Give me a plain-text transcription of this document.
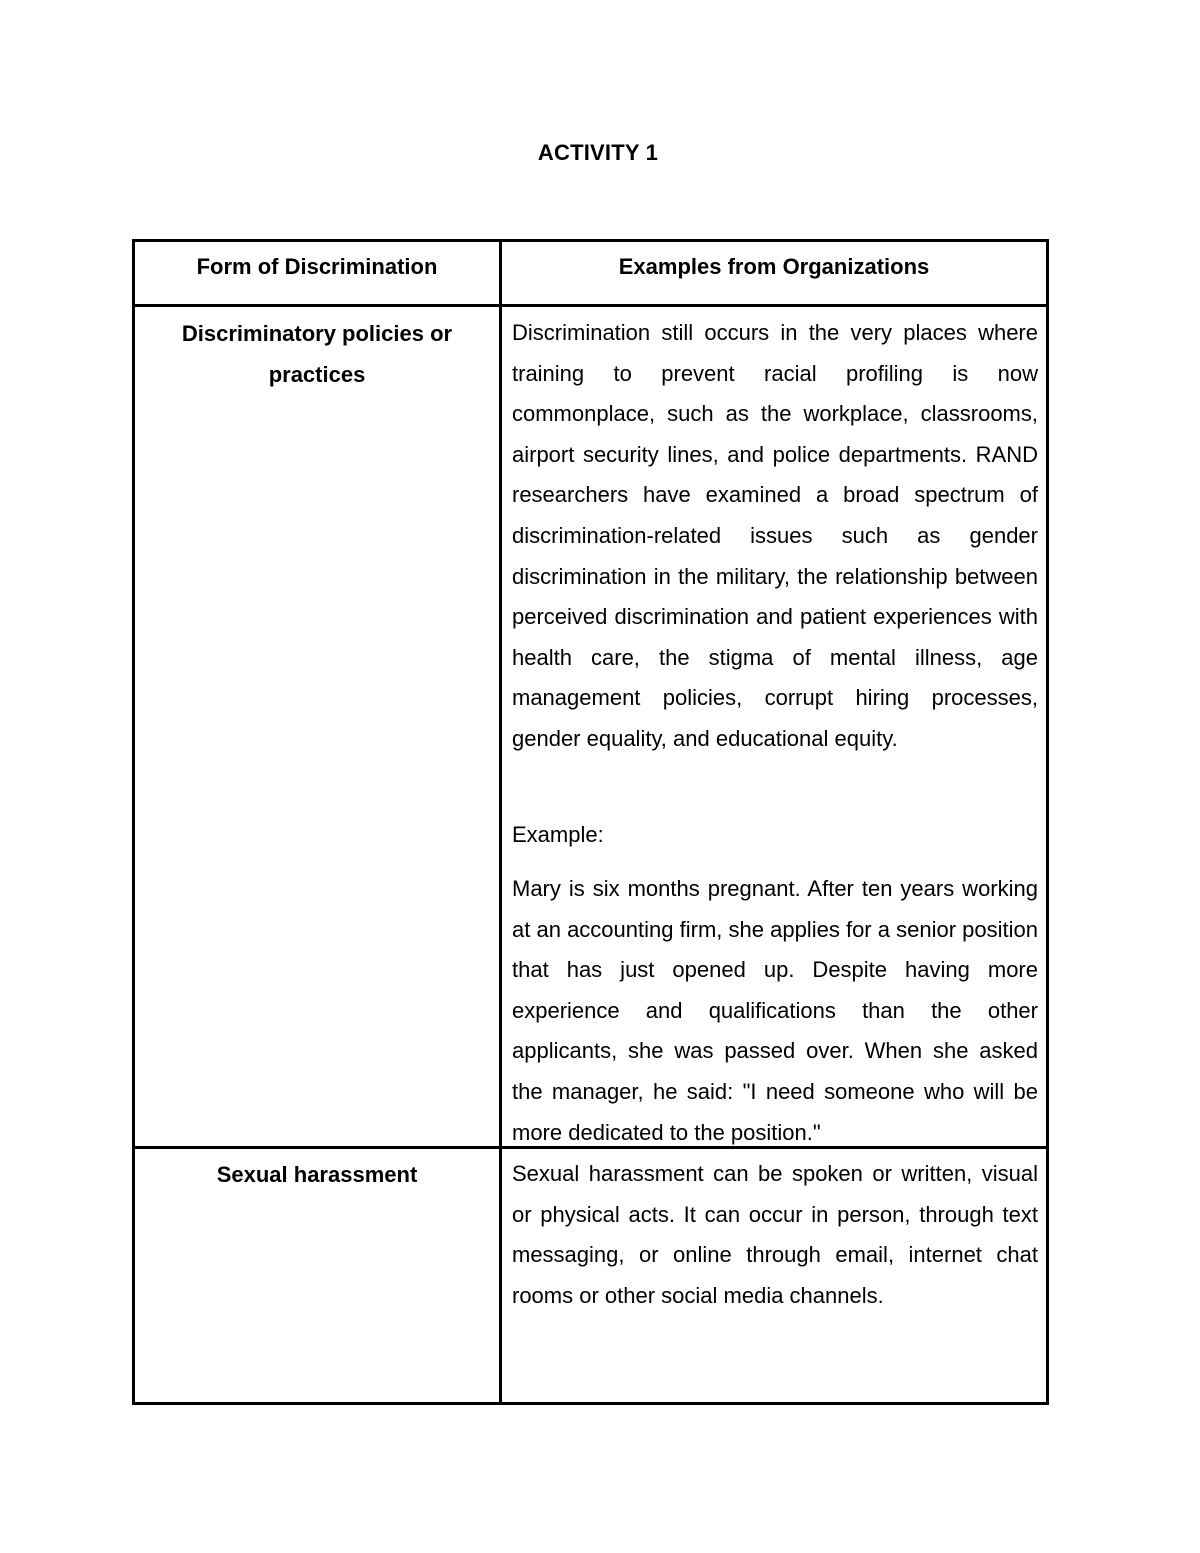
ACTIVITY 1
Form of Discrimination	Examples from Organizations
Discriminatory policies or practices

Discrimination still occurs in the very places where training to prevent racial profiling is now commonplace, such as the workplace, classrooms, airport security lines, and police departments. RAND researchers have examined a broad spectrum of discrimination-related issues such as gender discrimination in the military, the relationship between perceived discrimination and patient experiences with health care, the stigma of mental illness, age management policies, corrupt hiring processes, gender equality, and educational equity.

Example:

Mary is six months pregnant. After ten years working at an accounting firm, she applies for a senior position that has just opened up. Despite having more experience and qualifications than the other applicants, she was passed over. When she asked the manager, he said: "I need someone who will be more dedicated to the position."

Sexual harassment	Sexual harassment can be spoken or written, visual or physical acts. It can occur in person, through text messaging, or online through email, internet chat rooms or other social media channels.
